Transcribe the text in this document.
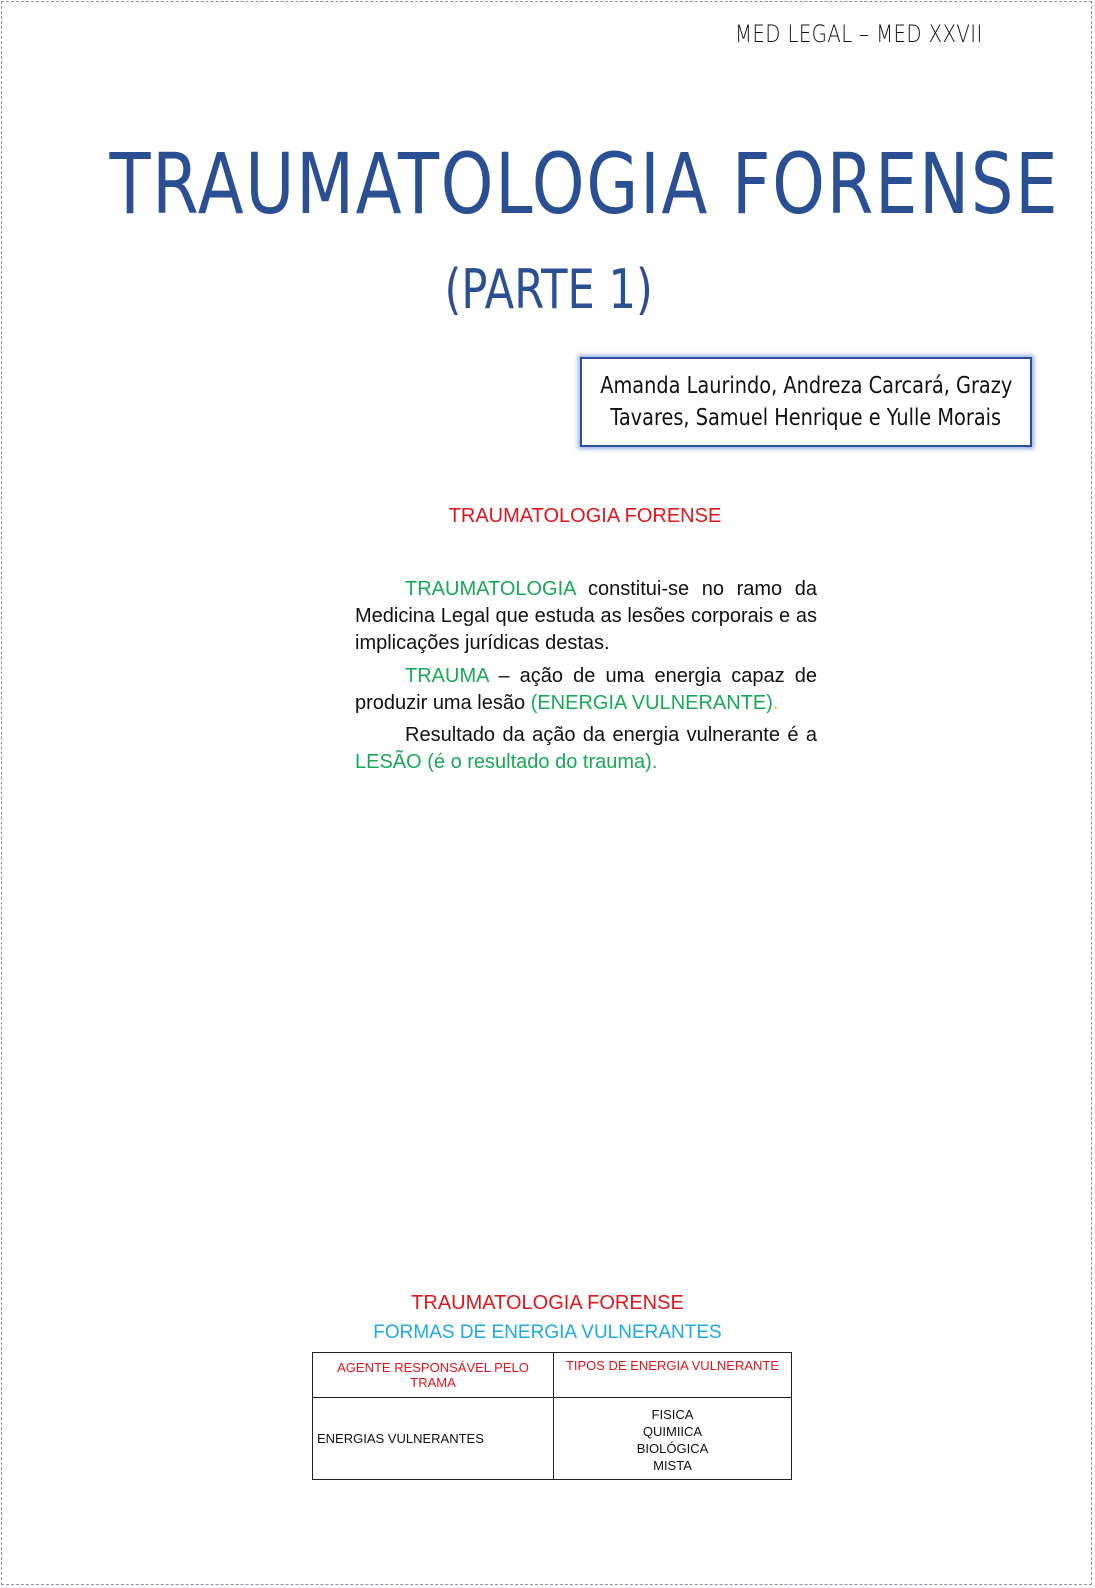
MED LEGAL – MED XXVII
TRAUMATOLOGIA FORENSE
(PARTE 1)
Amanda Laurindo, Andreza Carcará, Grazy
Tavares, Samuel Henrique e Yulle Morais
TRAUMATOLOGIA FORENSE
TRAUMATOLOGIA constitui-se no ramo da Medicina Legal que estuda as lesões corporais e as implicações jurídicas destas.
TRAUMA – ação de uma energia capaz de produzir uma lesão (ENERGIA VULNERANTE).
Resultado da ação da energia vulnerante é a LESÃO (é o resultado do trauma).
TRAUMATOLOGIA FORENSE
FORMAS DE ENERGIA VULNERANTES
AGENTE RESPONSÁVEL PELO TRAMA	TIPOS DE ENERGIA VULNERANTE
ENERGIAS VULNERANTES	FISICA
QUIMIICA
BIOLÓGICA
MISTA
